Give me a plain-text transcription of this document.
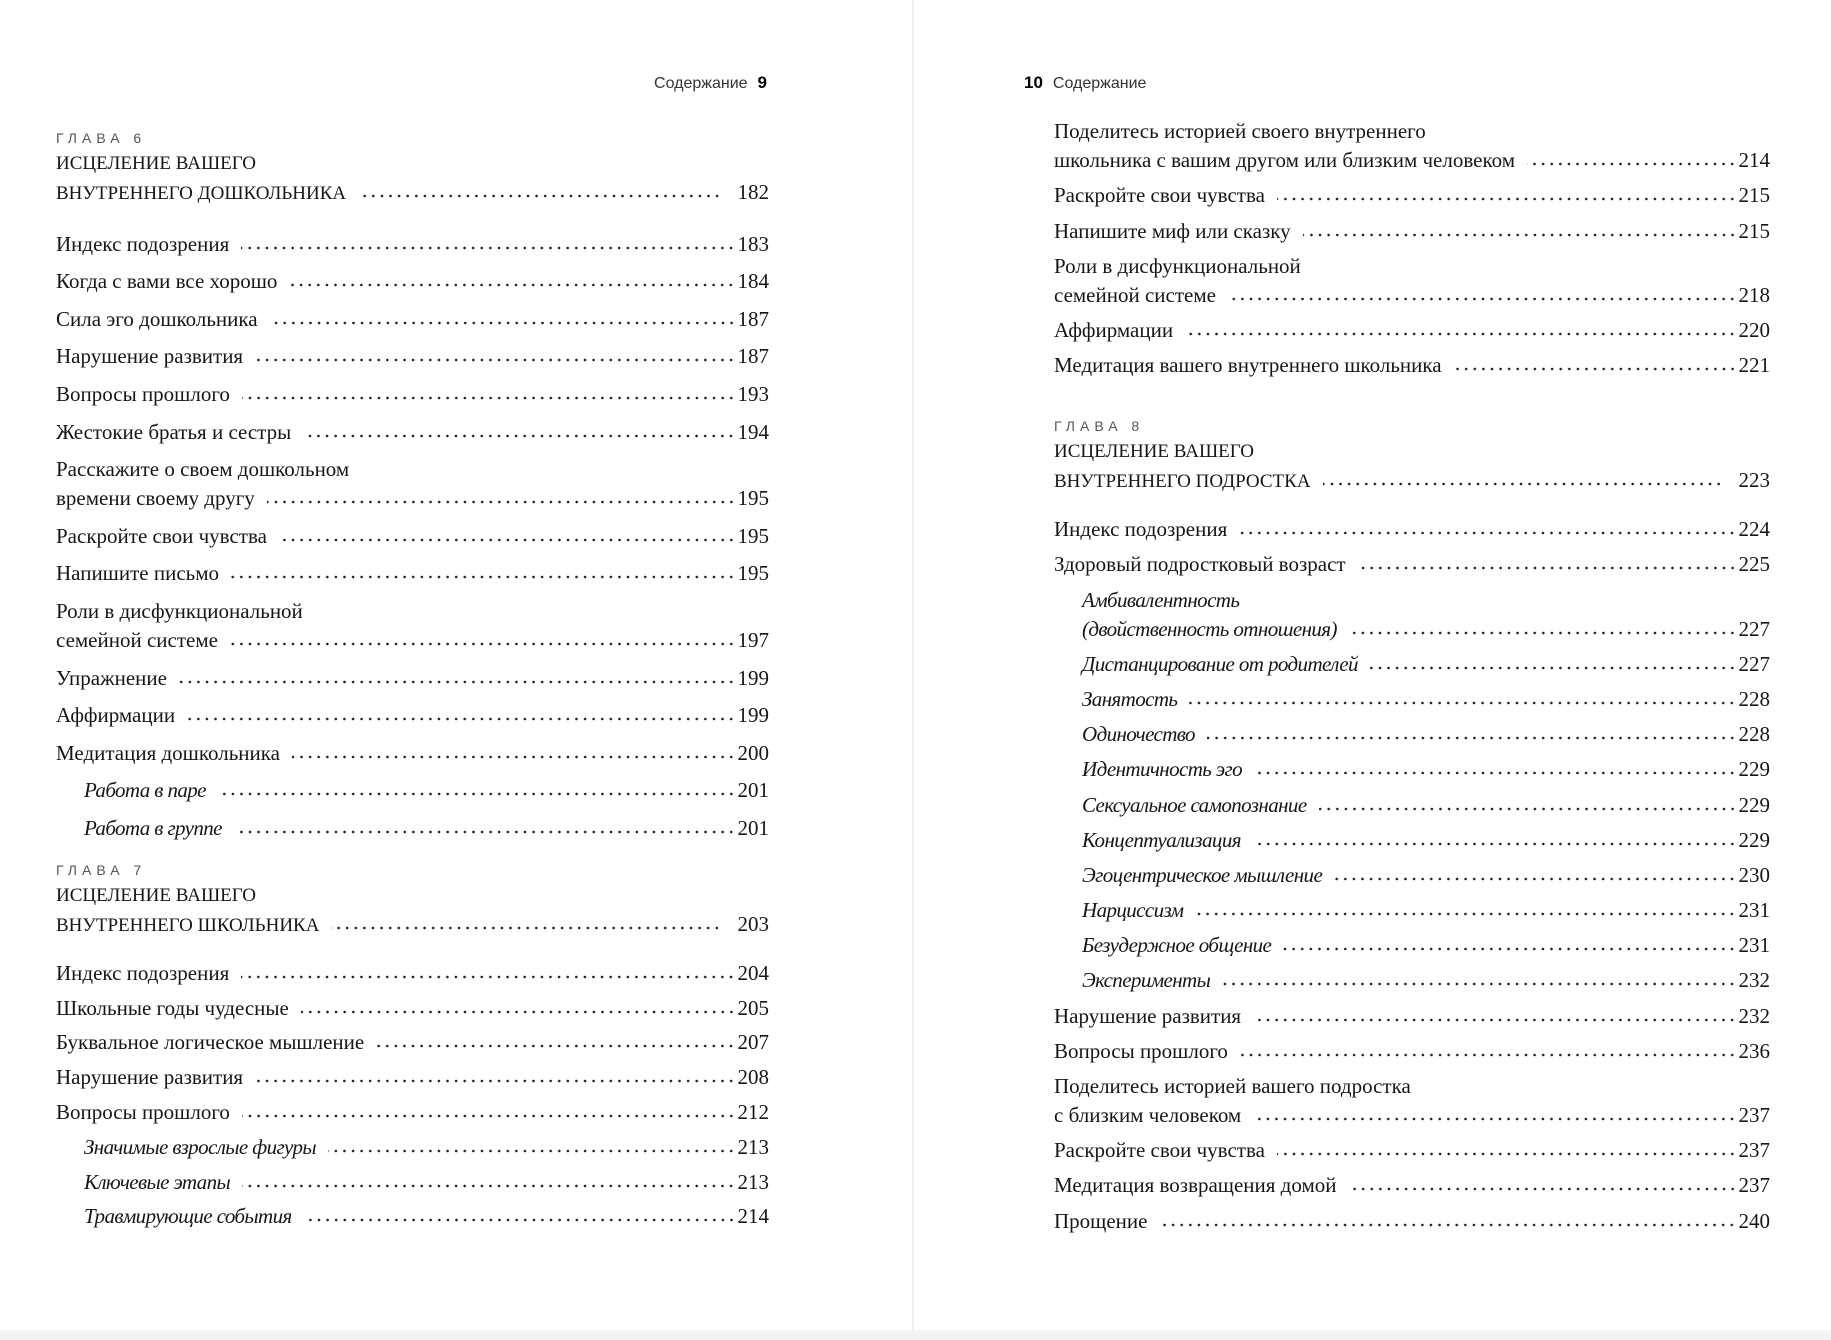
Содержание 9
ГЛАВА 6
ИСЦЕЛЕНИЕ ВАШЕГО
ВНУТРЕННЕГО ДОШКОЛЬНИКА	182
Индекс подозрения	183
Когда с вами все хорошо	184
Сила эго дошкольника	187
Нарушение развития	187
Вопросы прошлого	193
Жестокие братья и сестры	194
Расскажите о своем дошкольном
времени своему другу	195
Раскройте свои чувства	195
Напишите письмо	195
Роли в дисфункциональной
семейной системе	197
Упражнение	199
Аффирмации	199
Медитация дошкольника	200
Работа в паре	201
Работа в группе	201
ГЛАВА 7
ИСЦЕЛЕНИЕ ВАШЕГО
ВНУТРЕННЕГО ШКОЛЬНИКА	203
Индекс подозрения	204
Школьные годы чудесные	205
Буквальное логическое мышление	207
Нарушение развития	208
Вопросы прошлого	212
Значимые взрослые фигуры	213
Ключевые этапы	213
Травмирующие события	214
10 Содержание
Поделитесь историей своего внутреннего
школьника с вашим другом или близким человеком	214
Раскройте свои чувства	215
Напишите миф или сказку	215
Роли в дисфункциональной
семейной системе	218
Аффирмации	220
Медитация вашего внутреннего школьника	221
ГЛАВА 8
ИСЦЕЛЕНИЕ ВАШЕГО
ВНУТРЕННЕГО ПОДРОСТКА	223
Индекс подозрения	224
Здоровый подростковый возраст	225
Амбивалентность
(двойственность отношения)	227
Дистанцирование от родителей	227
Занятость	228
Одиночество	228
Идентичность эго	229
Сексуальное самопознание	229
Концептуализация	229
Эгоцентрическое мышление	230
Нарциссизм	231
Безудержное общение	231
Эксперименты	232
Нарушение развития	232
Вопросы прошлого	236
Поделитесь историей вашего подростка
с близким человеком	237
Раскройте свои чувства	237
Медитация возвращения домой	237
Прощение	240
